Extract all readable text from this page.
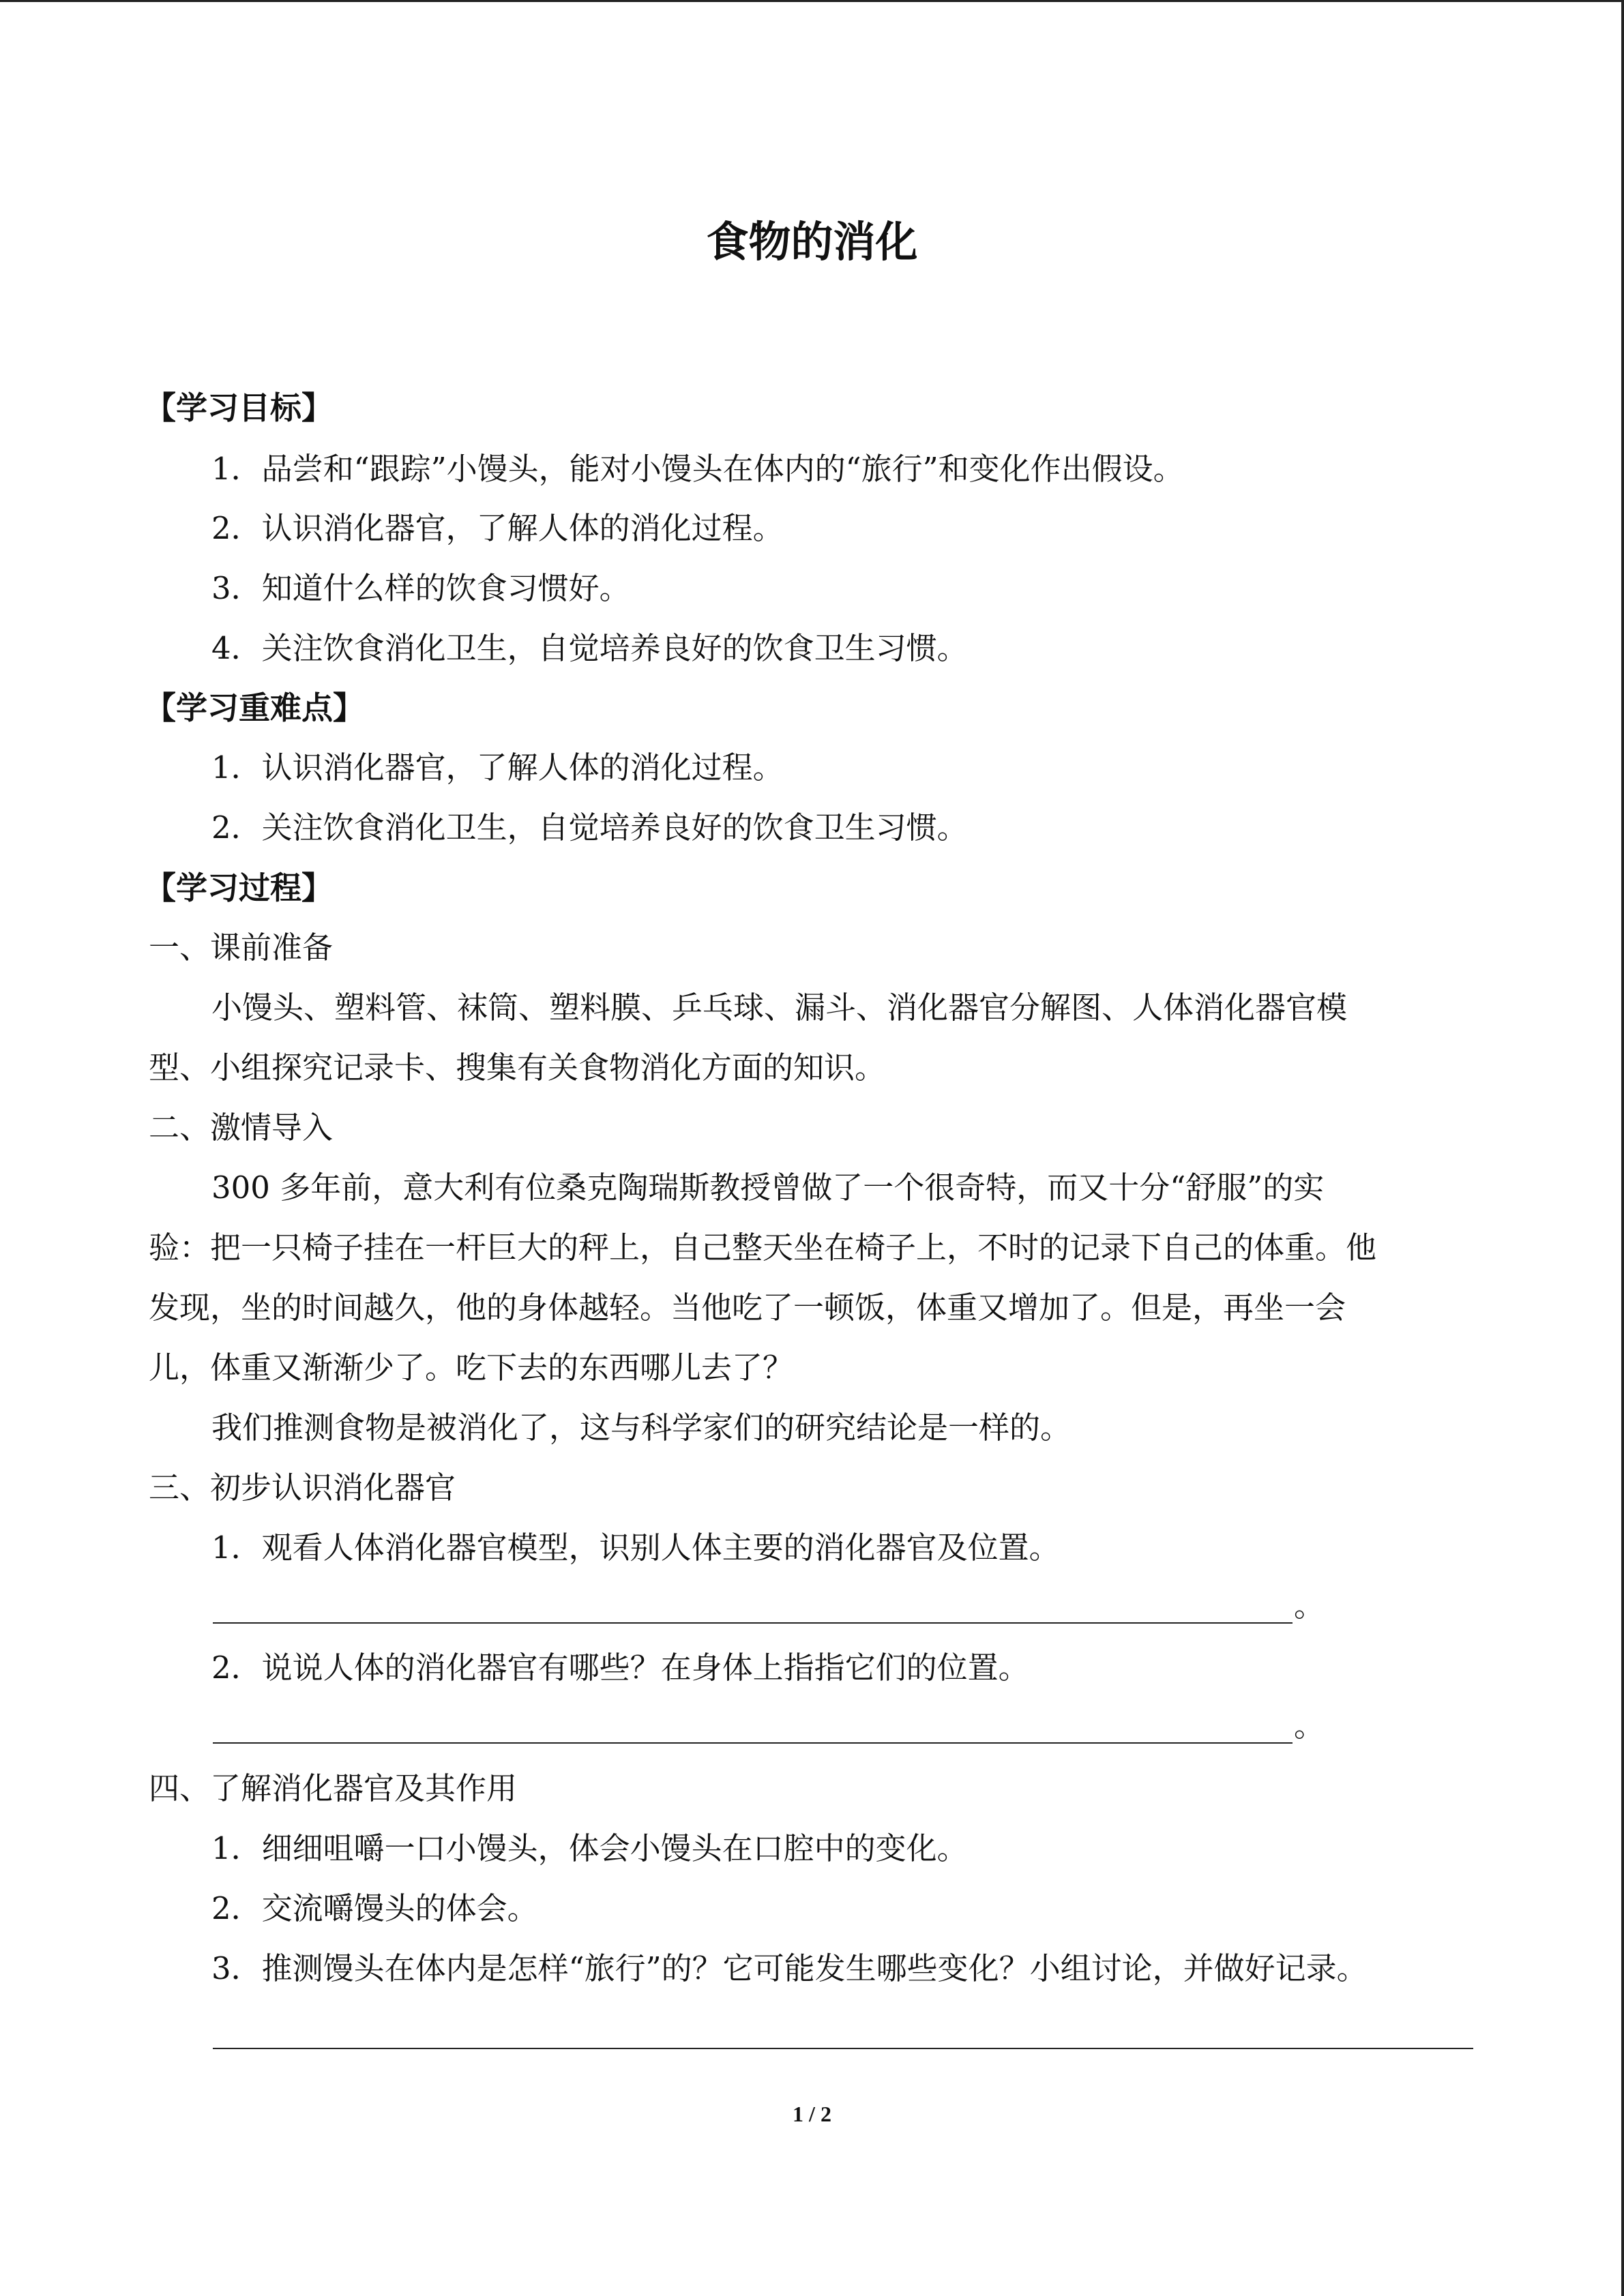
食物的消化
【学习目标】
1．品尝和“跟踪”小馒头，能对小馒头在体内的“旅行”和变化作出假设。
2．认识消化器官，了解人体的消化过程。
3．知道什么样的饮食习惯好。
4．关注饮食消化卫生，自觉培养良好的饮食卫生习惯。
【学习重难点】
1．认识消化器官，了解人体的消化过程。
2．关注饮食消化卫生，自觉培养良好的饮食卫生习惯。
【学习过程】
一、课前准备
小馒头、塑料管、袜筒、塑料膜、乒乓球、漏斗、消化器官分解图、人体消化器官模
型、小组探究记录卡、搜集有关食物消化方面的知识。
二、激情导入
300 多年前，意大利有位桑克陶瑞斯教授曾做了一个很奇特，而又十分“舒服”的实
验：把一只椅子挂在一杆巨大的秤上，自己整天坐在椅子上，不时的记录下自己的体重。他
发现，坐的时间越久，他的身体越轻。当他吃了一顿饭，体重又增加了。但是，再坐一会
儿，体重又渐渐少了。吃下去的东西哪儿去了？
我们推测食物是被消化了，这与科学家们的研究结论是一样的。
三、初步认识消化器官
1．观看人体消化器官模型，识别人体主要的消化器官及位置。
。
2．说说人体的消化器官有哪些？在身体上指指它们的位置。
。
四、了解消化器官及其作用
1．细细咀嚼一口小馒头，体会小馒头在口腔中的变化。
2．交流嚼馒头的体会。
3．推测馒头在体内是怎样“旅行”的？它可能发生哪些变化？小组讨论，并做好记录。
1 / 2
